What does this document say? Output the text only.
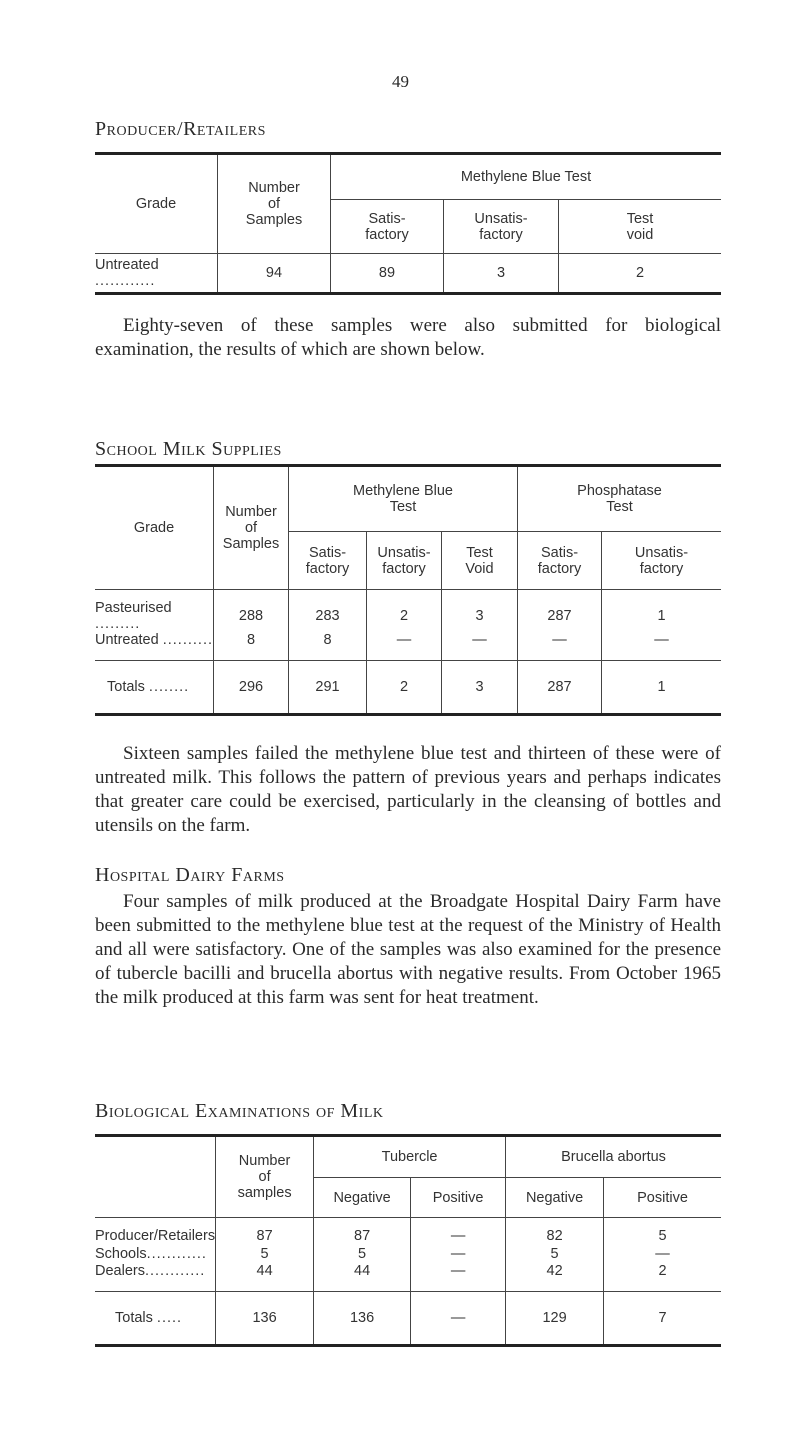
49
Producer/Retailers
Grade	Number
of
Samples	Methylene Blue Test		

		Satis-
factory	Unsatis-
factory	Test
void

Untreated ............	94	89	3	2
Eighty-seven of these samples were also submitted for biological examination, the results of which are shown below.
School Milk Supplies
Grade	Number
of
Samples	Methylene Blue
Test			Phosphatase
Test	

		Satis-
factory	Unsatis-
factory	Test
Void	Satis-
factory	Unsatis-
factory

Pasteurised .........	288	283	2	3	287	1
Untreated ..........	8	8	—	—	—	—
Totals ........	296	291	2	3	287	1
Sixteen samples failed the methylene blue test and thirteen of these were of untreated milk. This follows the pattern of previous years and perhaps indicates that greater care could be exercised, particularly in the cleansing of bottles and utensils on the farm.
Hospital Dairy Farms
Four samples of milk produced at the Broadgate Hospital Dairy Farm have been submitted to the methylene blue test at the request of the Ministry of Health and all were satisfactory. One of the samples was also examined for the presence of tubercle bacilli and brucella abortus with negative results. From October 1965 the milk produced at this farm was sent for heat treatment.
Biological Examinations of Milk

	Number
of
samples	Tubercle		Brucella abortus	
		Negative	Positive	Negative	Positive
Producer/Retailers	87	87	—	82	5
Schools............	5	5	—	5	—
Dealers............	44	44	—	42	2
Totals .....	136	136	—	129	7
